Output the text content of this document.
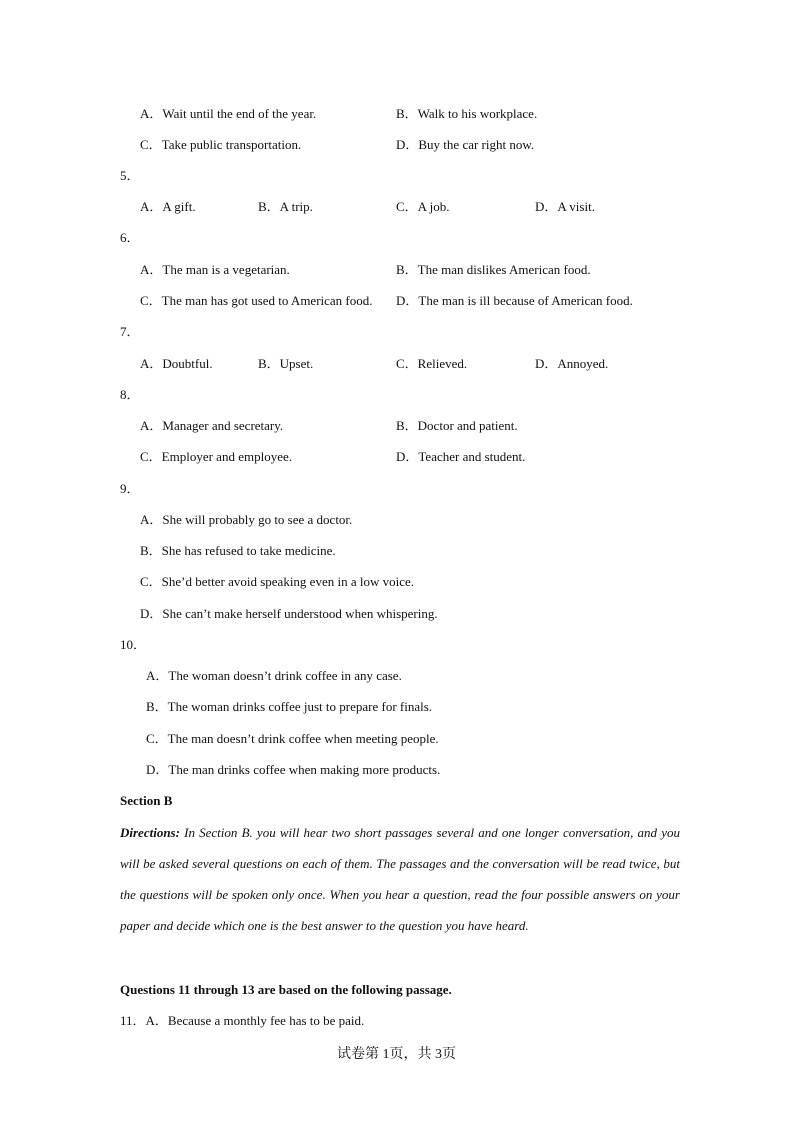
A．Wait until the end of the year.	B．Walk to his workplace.
C．Take public transportation.	D．Buy the car right now.
5．
A．A gift.	B．A trip.	C．A job.	D．A visit.
6．
A．The man is a vegetarian.	B．The man dislikes American food.
C．The man has got used to American food. D．The man is ill because of American food.
7．
A．Doubtful.	B．Upset.	C．Relieved.	D．Annoyed.
8．
A．Manager and secretary.	B．Doctor and patient.
C．Employer and employee.	D．Teacher and student.
9．
A．She will probably go to see a doctor.
B．She has refused to take medicine.
C．She’d better avoid speaking even in a low voice.
D．She can’t make herself understood when whispering.
10．
A．The woman doesn’t drink coffee in any case.
B．The woman drinks coffee just to prepare for finals.
C．The man doesn’t drink coffee when meeting people.
D．The man drinks coffee when making more products.
Section B
Directions: In Section B. you will hear two short passages several and one longer conversation, and you will be asked several questions on each of them. The passages and the conversation will be read twice, but the questions will be spoken only once. When you hear a question, read the four possible answers on your paper and decide which one is the best answer to the question you have heard.
Questions 11 through 13 are based on the following passage.
11．A．Because a monthly fee has to be paid.
试卷第 1页，共 3页
